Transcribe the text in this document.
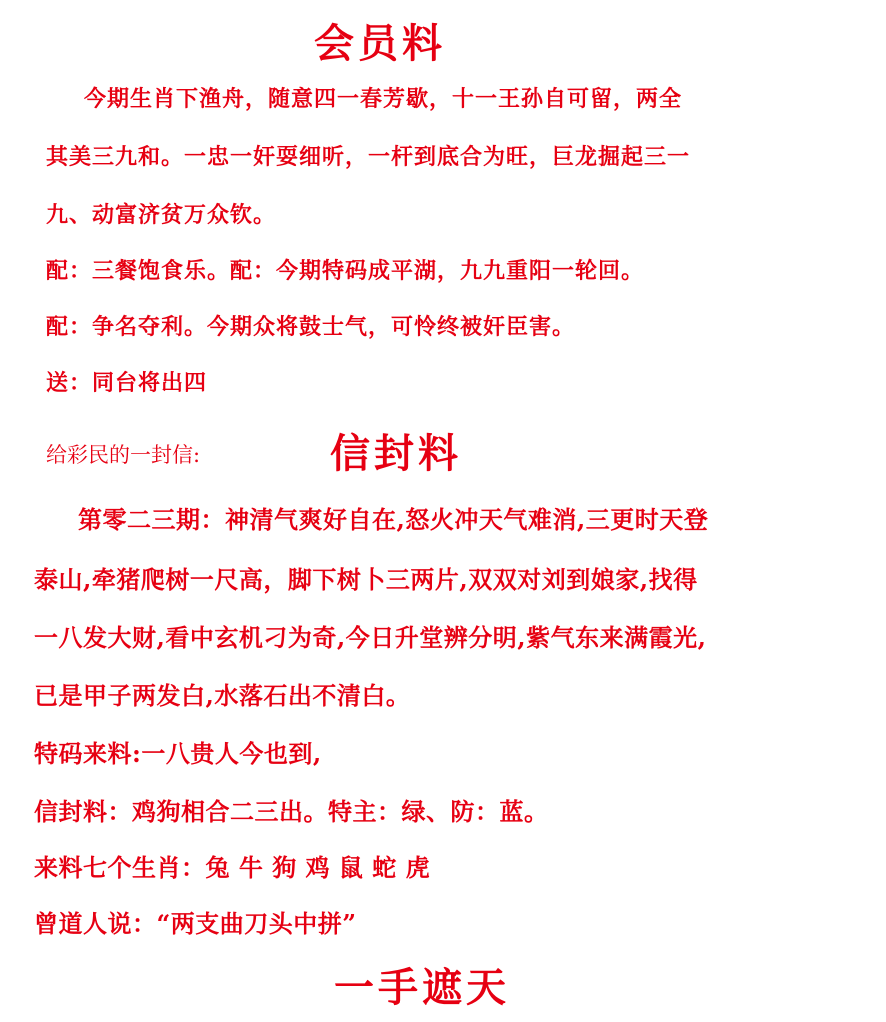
会员料
今期生肖下渔舟，随意四一春芳歇，十一王孙自可留，两全
其美三九和。一忠一奸耍细听，一杆到底合为旺，巨龙掘起三一
九、动富济贫万众钦。
配：三餐饱食乐。配：今期特码成平湖，九九重阳一轮回。
配：争名夺利。今期众将鼓士气，可怜终被奸臣害。
送：同台将出四
给彩民的一封信:	信封料
第零二三期：神清气爽好自在,怒火冲天气难消,三更时天登
泰山,牵猪爬树一尺高，脚下树卜三两片,双双对刘到娘家,找得
一八发大财,看中玄机刁为奇,今日升堂辨分明,紫气东来满霞光,
已是甲子两发白,水落石出不清白。
特码来料:一八贵人今也到,
信封料：鸡狗相合二三出。特主：绿、防：蓝。
来料七个生肖：兔 牛 狗 鸡 鼠 蛇 虎
曾道人说：“两支曲刀头中拼”
一手遮天
